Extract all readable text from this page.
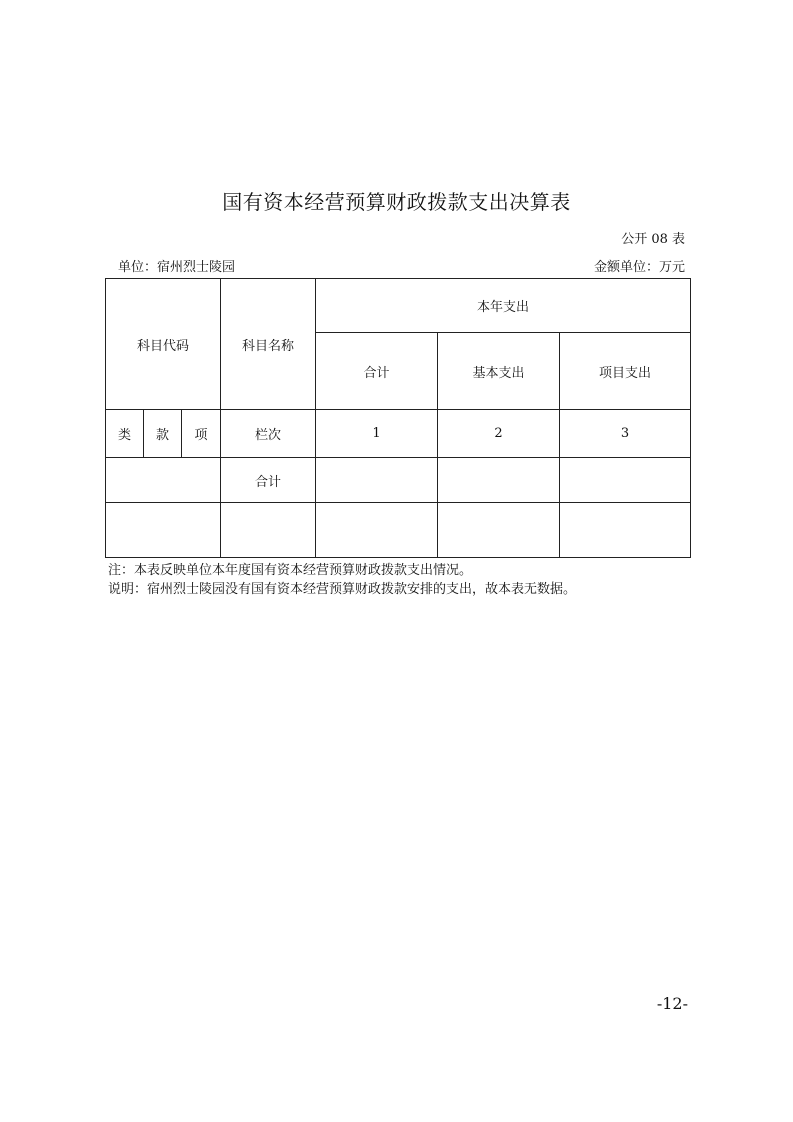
国有资本经营预算财政拨款支出决算表
公开 08 表
单位：宿州烈士陵园	金额单位：万元
科目代码			科目名称	本年支出		
				合计	基本支出	项目支出
类	款	项	栏次	1	2	3
			合计			

注：本表反映单位本年度国有资本经营预算财政拨款支出情况。
说明：宿州烈士陵园没有国有资本经营预算财政拨款安排的支出，故本表无数据。
-12-
